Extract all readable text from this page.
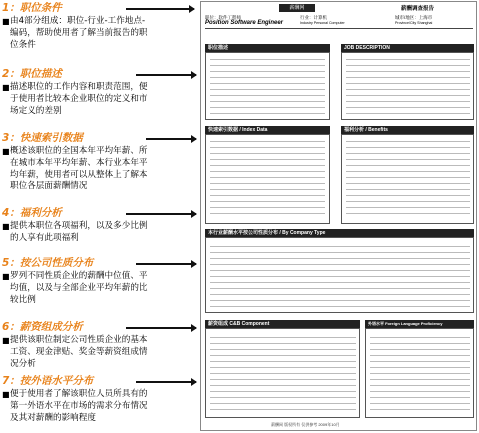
1：职位条件
■ 由4部分组成：职位-行业-工作地点-编码，帮助使用者了解当前报告的职位条件
2：职位描述
■ 描述职位的工作内容和职责范围，便于使用者比较本企业职位的定义和市场定义的差别
3：快速索引数据
■ 概述该职位的全国本年平均年薪、所在城市本年平均年薪、本行业本年平均年薪，使用者可以从整体上了解本职位各层面薪酬情况
4：福利分析
■ 提供本职位各项福利，以及多少比例的人享有此项福利
5：按公司性质分布
■ 罗列不同性质企业的薪酬中位值、平均值，以及与全部企业平均年薪的比较比例
6：薪资组成分析
■ 提供该职位制定公司性质企业的基本工资、现金津贴、奖金等薪资组成情况分析
7：按外语水平分布
■ 便于使用者了解该职位人员所具有的第一外语水平在市场的需求分布情况及其对薪酬的影响程度
薪酬网	薪酬调查报告
职位：软件工程师
Position Software Engineer
行业：计算机
Industry Personal Computer
城市/地区：上海市
Province/City Shanghai
职位描述	JOB DESCRIPTION
快速索引数据 / Index Data	福利分析 / Benefits
本行业薪酬水平按公司性质分布 / By Company Type
薪资组成 C&B Component	外语水平 Foreign Language Proficiency
薪酬网 版权所有 仅供参考 2009年10月
